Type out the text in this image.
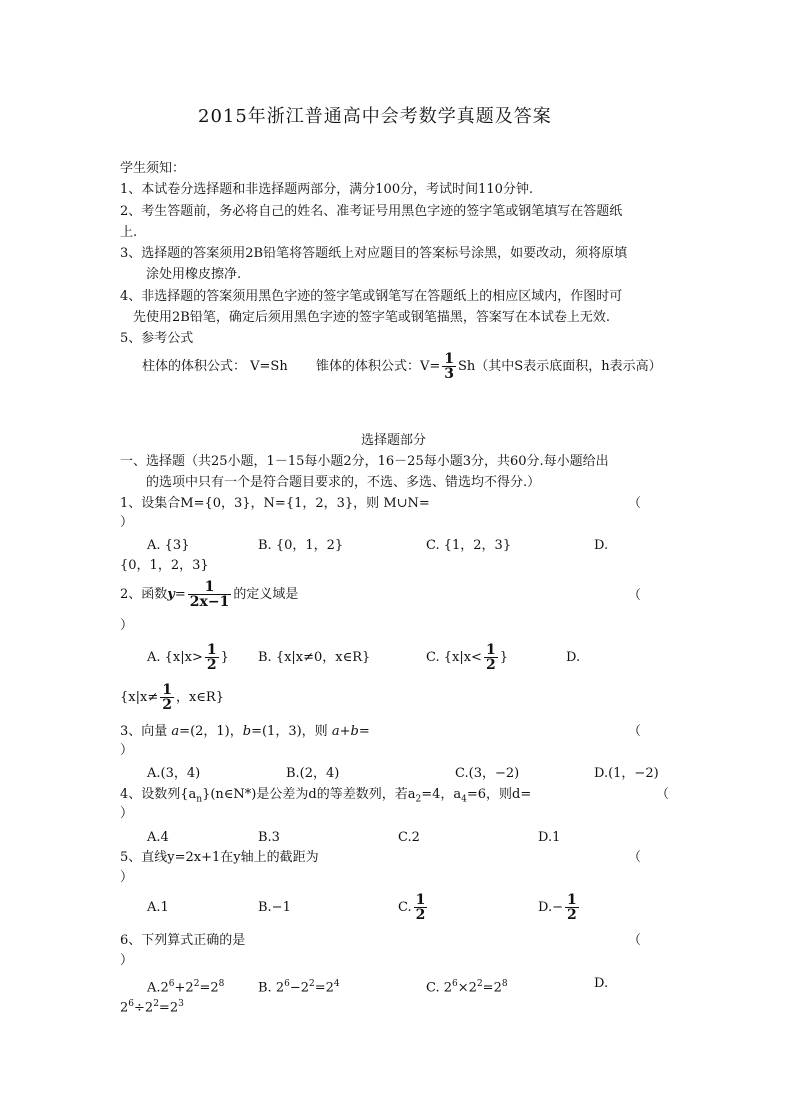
2015年浙江普通高中会考数学真题及答案
学生须知：
1、本试卷分选择题和非选择题两部分，满分100分，考试时间110分钟.
2、考生答题前，务必将自己的姓名、准考证号用黑色字迹的签字笔或钢笔填写在答题纸
上.
3、选择题的答案须用2B铅笔将答题纸上对应题目的答案标号涂黑，如要改动，须将原填
涂处用橡皮擦净.
4、非选择题的答案须用黑色字迹的签字笔或钢笔写在答题纸上的相应区域内，作图时可
先使用2B铅笔，确定后须用黑色字迹的签字笔或钢笔描黑，答案写在本试卷上无效.
5、参考公式
柱体的体积公式： V=Sh 锥体的体积公式：$V= \frac{1}{3} Sh$（其中S表示底面积，h表示高）
选择题部分
一、选择题（共25小题，1－15每小题2分，16－25每小题3分，共60分.每小题给出
的选项中只有一个是符合题目要求的，不选、多选、错选均不得分.）
1、设集合M={0，3}，N={1，2，3}，则 M∪N=	（
）
A. {3}	B. {0，1，2}	C. {1，2，3}	D.
{0，1，2，3}
2、函数$y= \frac{1}{2x-1}$ 的定义域是	（
）
A. {$x|x> \frac{1}{2}$ } B. {x|x≠0，x∈R}	C. {$x|x< \frac{1}{2}$ }	D.
{$x|x\ne \frac{1}{2}$ ，x∈R}
3、向量 a=(2，1)，b=(1，3)，则 a+b=	（
）
A.(3，4)	B.(2，4)	C.(3，−2)	D.(1，−2)
4、设数列$\{a_n\}(n\in N*)$是公差为d的等差数列，若$a_2=4$，$a_4=6$，则d=	（
）
A.4	B.3	C.2	D.1
5、直线y=2x+1在y轴上的截距为	（
）
A.1	B.−1	C. $\frac{1}{2}$	$D.- \frac{1}{2}$
6、下列算式正确的是	（
）
$A.2^6+2^2=2^8$	B. $2^6-2^2=2^4$	C. $2^6\times 2^2=2^8$	D.
$2^6\div 2^2=2^3$
